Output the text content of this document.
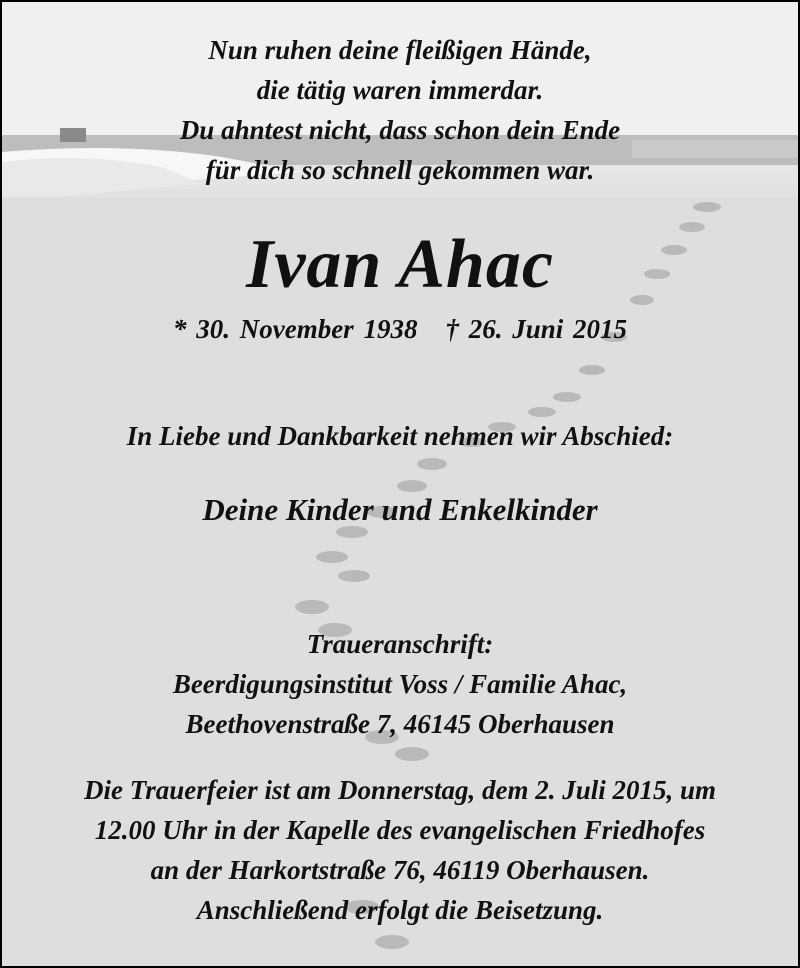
Nun ruhen deine fleißigen Hände,
die tätig waren immerdar.
Du ahntest nicht, dass schon dein Ende
für dich so schnell gekommen war.
Ivan Ahac
* 30. November 1938 † 26. Juni 2015
In Liebe und Dankbarkeit nehmen wir Abschied:
Deine Kinder und Enkelkinder
Traueranschrift:
Beerdigungsinstitut Voss / Familie Ahac,
Beethovenstraße 7, 46145 Oberhausen
Die Trauerfeier ist am Donnerstag, dem 2. Juli 2015, um
12.00 Uhr in der Kapelle des evangelischen Friedhofes
an der Harkortstraße 76, 46119 Oberhausen.
Anschließend erfolgt die Beisetzung.
